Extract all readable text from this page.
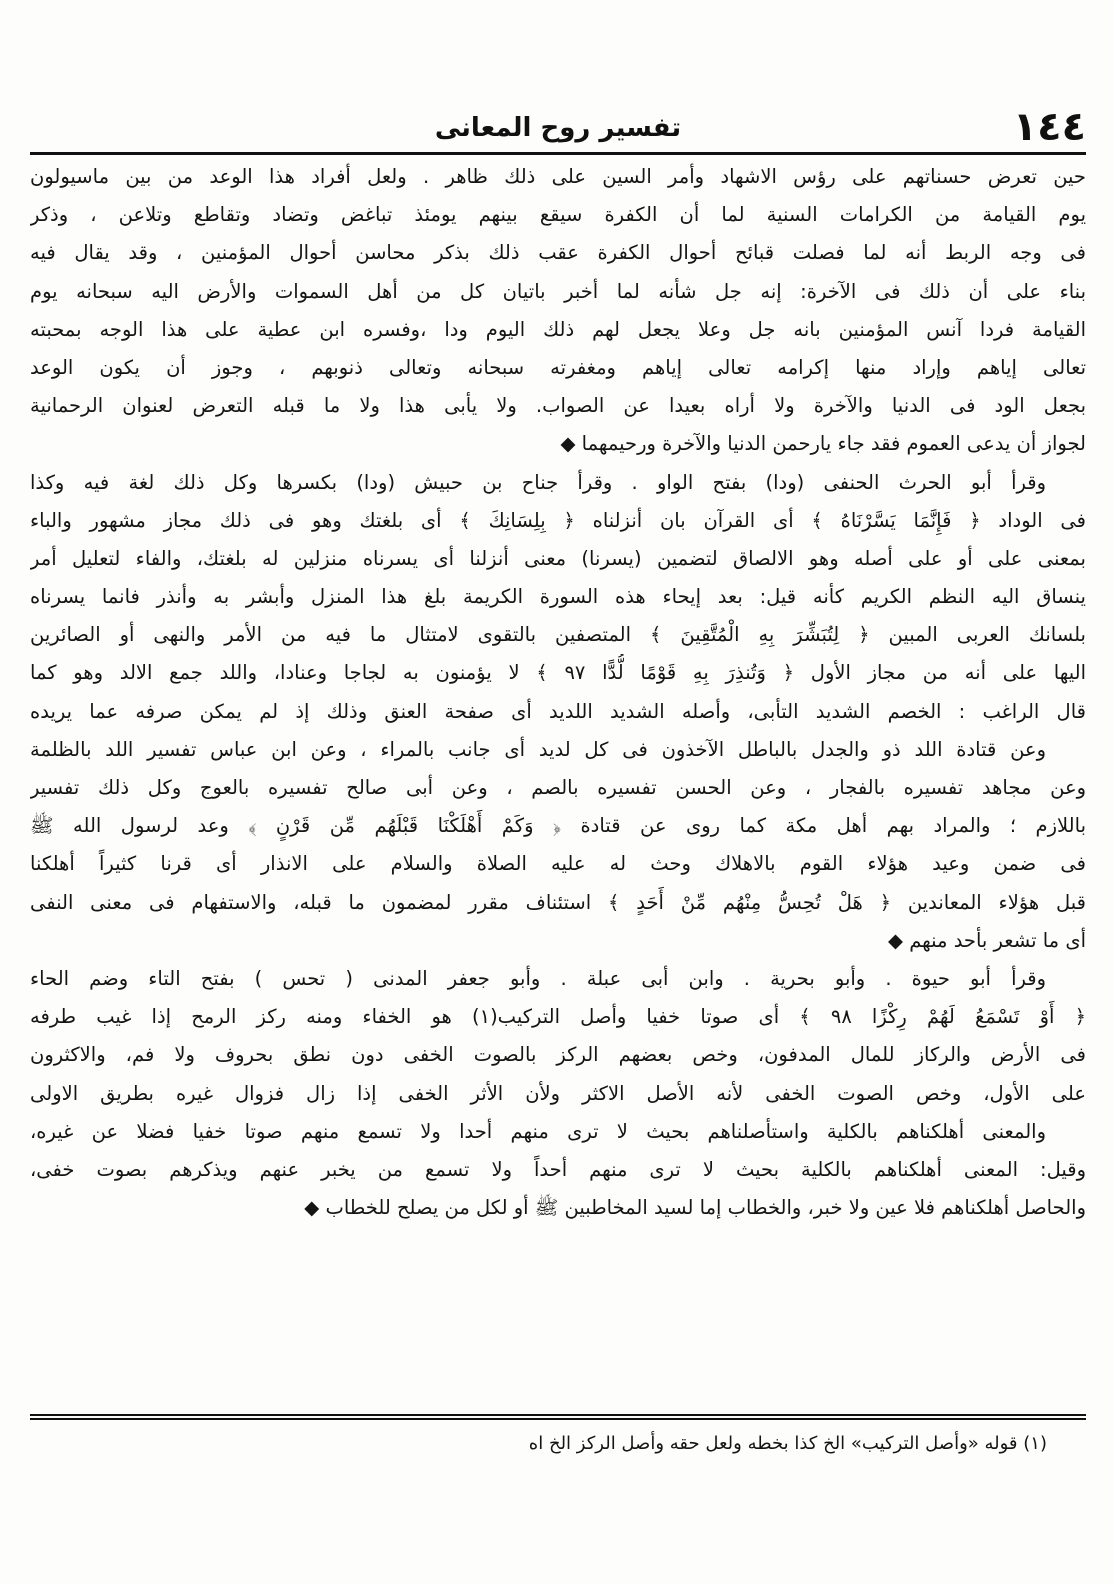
١٤٤
تفسير روح المعانى
حين تعرض حسناتهم على رؤس الاشهاد وأمر السين على ذلك ظاهر . ولعل أفراد هذا الوعد من بين ماسيولون
يوم القيامة من الكرامات السنية لما أن الكفرة سيقع بينهم يومئذ تباغض وتضاد وتقاطع وتلاعن ، وذكر
فى وجه الربط أنه لما فصلت قبائح أحوال الكفرة عقب ذلك بذكر محاسن أحوال المؤمنين ، وقد يقال فيه
بناء على أن ذلك فى الآخرة: إنه جل شأنه لما أخبر باتيان كل من أهل السموات والأرض اليه سبحانه يوم
القيامة فردا آنس المؤمنين بانه جل وعلا يجعل لهم ذلك اليوم ودا ،وفسره ابن عطية على هذا الوجه بمحبته
تعالى إياهم وإراد منها إكرامه تعالى إياهم ومغفرته سبحانه وتعالى ذنوبهم ، وجوز أن يكون الوعد
بجعل الود فى الدنيا والآخرة ولا أراه بعيدا عن الصواب. ولا يأبى هذا ولا ما قبله التعرض لعنوان الرحمانية
لجواز أن يدعى العموم فقد جاء يارحمن الدنيا والآخرة ورحيمهما ◆
وقرأ أبو الحرث الحنفى (ودا) بفتح الواو . وقرأ جناح بن حبيش (ودا) بكسرها وكل ذلك لغة فيه وكذا
فى الوداد ﴿ فَإِنَّمَا يَسَّرْنَاهُ ﴾ أى القرآن بان أنزلناه ﴿ بِلِسَانِكَ ﴾ أى بلغتك وهو فى ذلك مجاز مشهور والباء
بمعنى على أو على أصله وهو الالصاق لتضمين (يسرنا) معنى أنزلنا أى يسرناه منزلين له بلغتك، والفاء لتعليل أمر
ينساق اليه النظم الكريم كأنه قيل: بعد إيحاء هذه السورة الكريمة بلغ هذا المنزل وأبشر به وأنذر فانما يسرناه
بلسانك العربى المبين ﴿ لِتُبَشِّرَ بِهِ الْمُتَّقِينَ ﴾ المتصفين بالتقوى لامتثال ما فيه من الأمر والنهى أو الصائرين
اليها على أنه من مجاز الأول ﴿ وَتُنذِرَ بِهِ قَوْمًا لُّدًّا ٩٧ ﴾ لا يؤمنون به لجاجا وعنادا، واللد جمع الالد وهو كما
قال الراغب : الخصم الشديد التأبى، وأصله الشديد اللديد أى صفحة العنق وذلك إذ لم يمكن صرفه عما يريده
وعن قتادة اللد ذو والجدل بالباطل الآخذون فى كل لديد أى جانب بالمراء ، وعن ابن عباس تفسير اللد بالظلمة
وعن مجاهد تفسيره بالفجار ، وعن الحسن تفسيره بالصم ، وعن أبى صالح تفسيره بالعوج وكل ذلك تفسير
باللازم ؛ والمراد بهم أهل مكة كما روى عن قتادة ﴿ وَكَمْ أَهْلَكْنَا قَبْلَهُم مِّن قَرْنٍ ﴾ وعد لرسول الله ﷺ
فى ضمن وعيد هؤلاء القوم بالاهلاك وحث له عليه الصلاة والسلام على الانذار أى قرنا كثيراً أهلكنا
قبل هؤلاء المعاندين ﴿ هَلْ تُحِسُّ مِنْهُم مِّنْ أَحَدٍ ﴾ استئناف مقرر لمضمون ما قبله، والاستفهام فى معنى النفى
أى ما تشعر بأحد منهم ◆
وقرأ أبو حيوة . وأبو بحرية . وابن أبى عبلة . وأبو جعفر المدنى ( تحس ) بفتح التاء وضم الحاء
﴿ أَوْ تَسْمَعُ لَهُمْ رِكْزًا ٩٨ ﴾ أى صوتا خفيا وأصل التركيب(١) هو الخفاء ومنه ركز الرمح إذا غيب طرفه
فى الأرض والركاز للمال المدفون، وخص بعضهم الركز بالصوت الخفى دون نطق بحروف ولا فم، والاكثرون
على الأول، وخص الصوت الخفى لأنه الأصل الاكثر ولأن الأثر الخفى إذا زال فزوال غيره بطريق الاولى
والمعنى أهلكناهم بالكلية واستأصلناهم بحيث لا ترى منهم أحدا ولا تسمع منهم صوتا خفيا فضلا عن غيره،
وقيل: المعنى أهلكناهم بالكلية بحيث لا ترى منهم أحداً ولا تسمع من يخبر عنهم ويذكرهم بصوت خفى،
والحاصل أهلكناهم فلا عين ولا خبر، والخطاب إما لسيد المخاطبين ﷺ أو لكل من يصلح للخطاب ◆
(١) قوله «وأصل التركيب» الخ كذا بخطه ولعل حقه وأصل الركز الخ اه
